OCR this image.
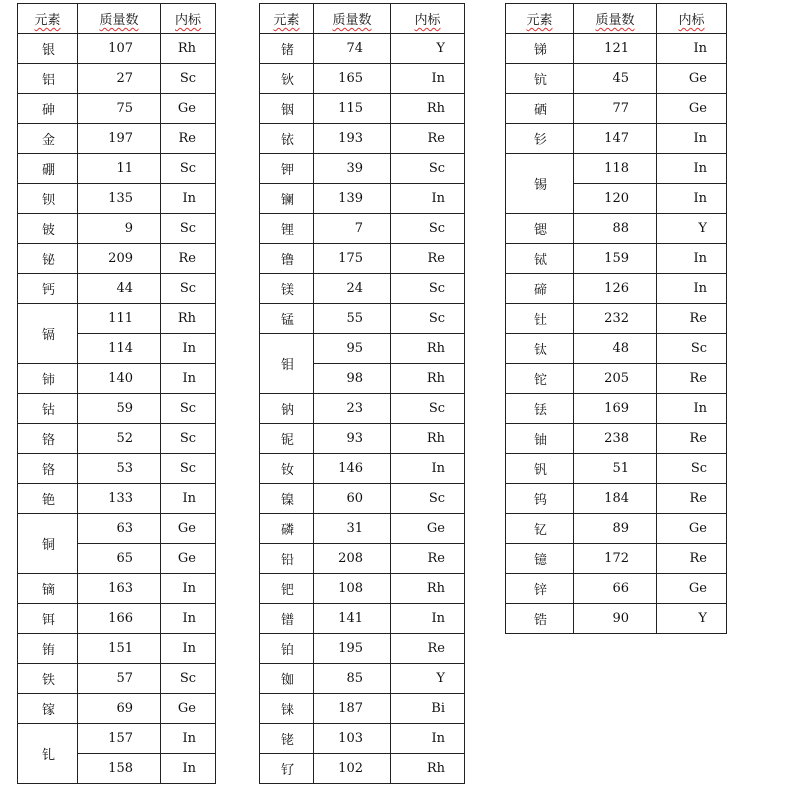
元素	质量数	内标
银	107	Rh
铝	27	Sc
砷	75	Ge
金	197	Re
硼	11	Sc
钡	135	In
铍	9	Sc
铋	209	Re
钙	44	Sc
镉	111	Rh
	114	In
铈	140	In
钴	59	Sc
铬	52	Sc
铬	53	Sc
铯	133	In
铜	63	Ge
	65	Ge
镝	163	In
铒	166	In
铕	151	In
铁	57	Sc
镓	69	Ge
钆	157	In
	158	In
元素	质量数	内标
锗	74	Y
钬	165	In
铟	115	Rh
铱	193	Re
钾	39	Sc
镧	139	In
锂	7	Sc
镥	175	Re
镁	24	Sc
锰	55	Sc
钼	95	Rh
	98	Rh
钠	23	Sc
铌	93	Rh
钕	146	In
镍	60	Sc
磷	31	Ge
铅	208	Re
钯	108	Rh
镨	141	In
铂	195	Re
铷	85	Y
铼	187	Bi
铑	103	In
钌	102	Rh
元素	质量数	内标
锑	121	In
钪	45	Ge
硒	77	Ge
钐	147	In
锡	118	In
	120	In
锶	88	Y
铽	159	In
碲	126	In
钍	232	Re
钛	48	Sc
铊	205	Re
铥	169	In
铀	238	Re
钒	51	Sc
钨	184	Re
钇	89	Ge
镱	172	Re
锌	66	Ge
锆	90	Y
